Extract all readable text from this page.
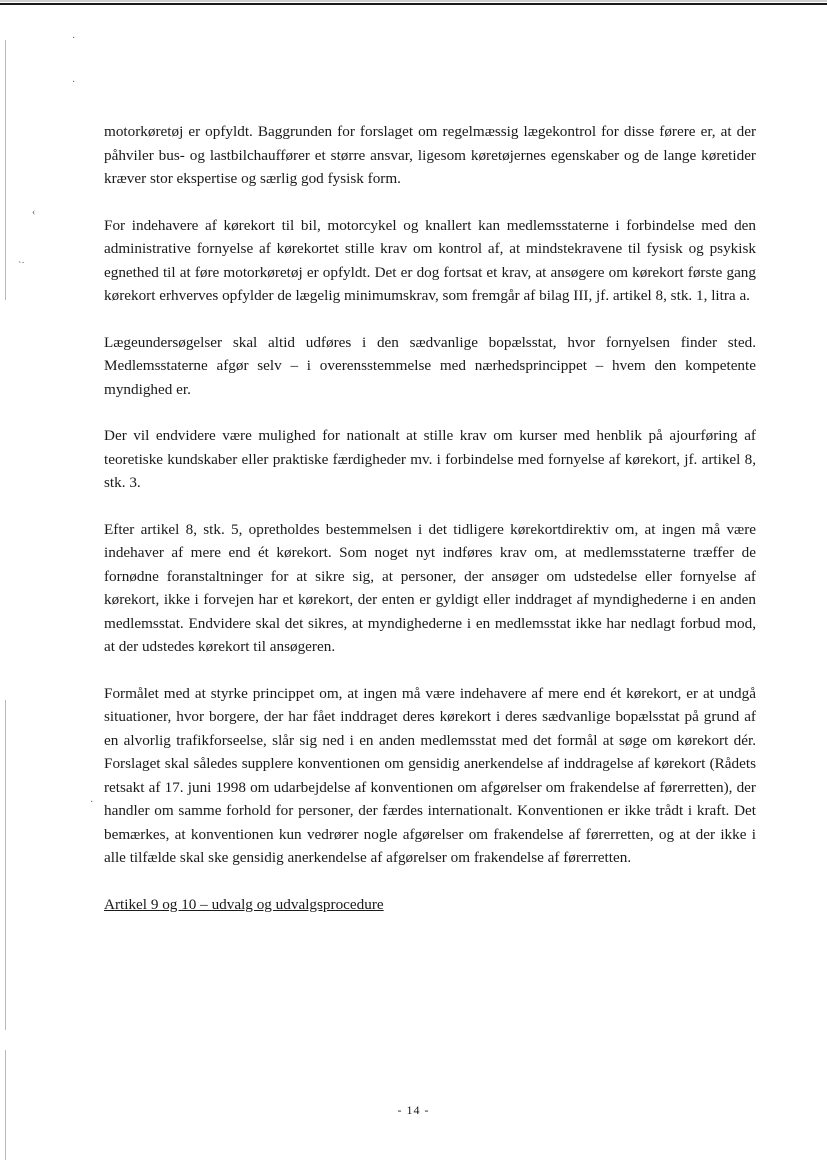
·
·
‹
ˋ˙
·

motorkøretøj er opfyldt. Baggrunden for forslaget om regelmæssig lægekontrol for disse førere er, at der påhviler bus- og lastbilchauffører et større ansvar, ligesom køretøjernes egenskaber og de lange køretider kræver stor ekspertise og særlig god fysisk form.

For indehavere af kørekort til bil, motorcykel og knallert kan medlemsstaterne i forbindelse med den administrative fornyelse af kørekortet stille krav om kontrol af, at mindstekravene til fysisk og psykisk egnethed til at føre motorkøretøj er opfyldt. Det er dog fortsat et krav, at ansøgere om kørekort første gang kørekort erhverves opfylder de lægelig minimumskrav, som fremgår af bilag III, jf. artikel 8, stk. 1, litra a.

Lægeundersøgelser skal altid udføres i den sædvanlige bopælsstat, hvor fornyelsen finder sted. Medlemsstaterne afgør selv – i overensstemmelse med nærhedsprincippet – hvem den kompetente myndighed er.

Der vil endvidere være mulighed for nationalt at stille krav om kurser med henblik på ajourføring af teoretiske kundskaber eller praktiske færdigheder mv. i forbindelse med fornyelse af kørekort, jf. artikel 8, stk. 3.

Efter artikel 8, stk. 5, opretholdes bestemmelsen i det tidligere kørekortdirektiv om, at ingen må være indehaver af mere end ét kørekort. Som noget nyt indføres krav om, at medlemsstaterne træffer de fornødne foranstaltninger for at sikre sig, at personer, der ansøger om udstedelse eller fornyelse af kørekort, ikke i forvejen har et kørekort, der enten er gyldigt eller inddraget af myndighederne i en anden medlemsstat. Endvidere skal det sikres, at myndighederne i en medlemsstat ikke har nedlagt forbud mod, at der udstedes kørekort til ansøgeren.

Formålet med at styrke princippet om, at ingen må være indehavere af mere end ét kørekort, er at undgå situationer, hvor borgere, der har fået inddraget deres kørekort i deres sædvanlige bopælsstat på grund af en alvorlig trafikforseelse, slår sig ned i en anden medlemsstat med det formål at søge om kørekort dér. Forslaget skal således supplere konventionen om gensidig anerkendelse af inddragelse af kørekort (Rådets retsakt af 17. juni 1998 om udarbejdelse af konventionen om afgørelser om frakendelse af førerretten), der handler om samme forhold for personer, der færdes internationalt. Konventionen er ikke trådt i kraft. Det bemærkes, at konventionen kun vedrører nogle afgørelser om frakendelse af førerretten, og at der ikke i alle tilfælde skal ske gensidig anerkendelse af afgørelser om frakendelse af førerretten.

Artikel 9 og 10 – udvalg og udvalgsprocedure

- 14 -
